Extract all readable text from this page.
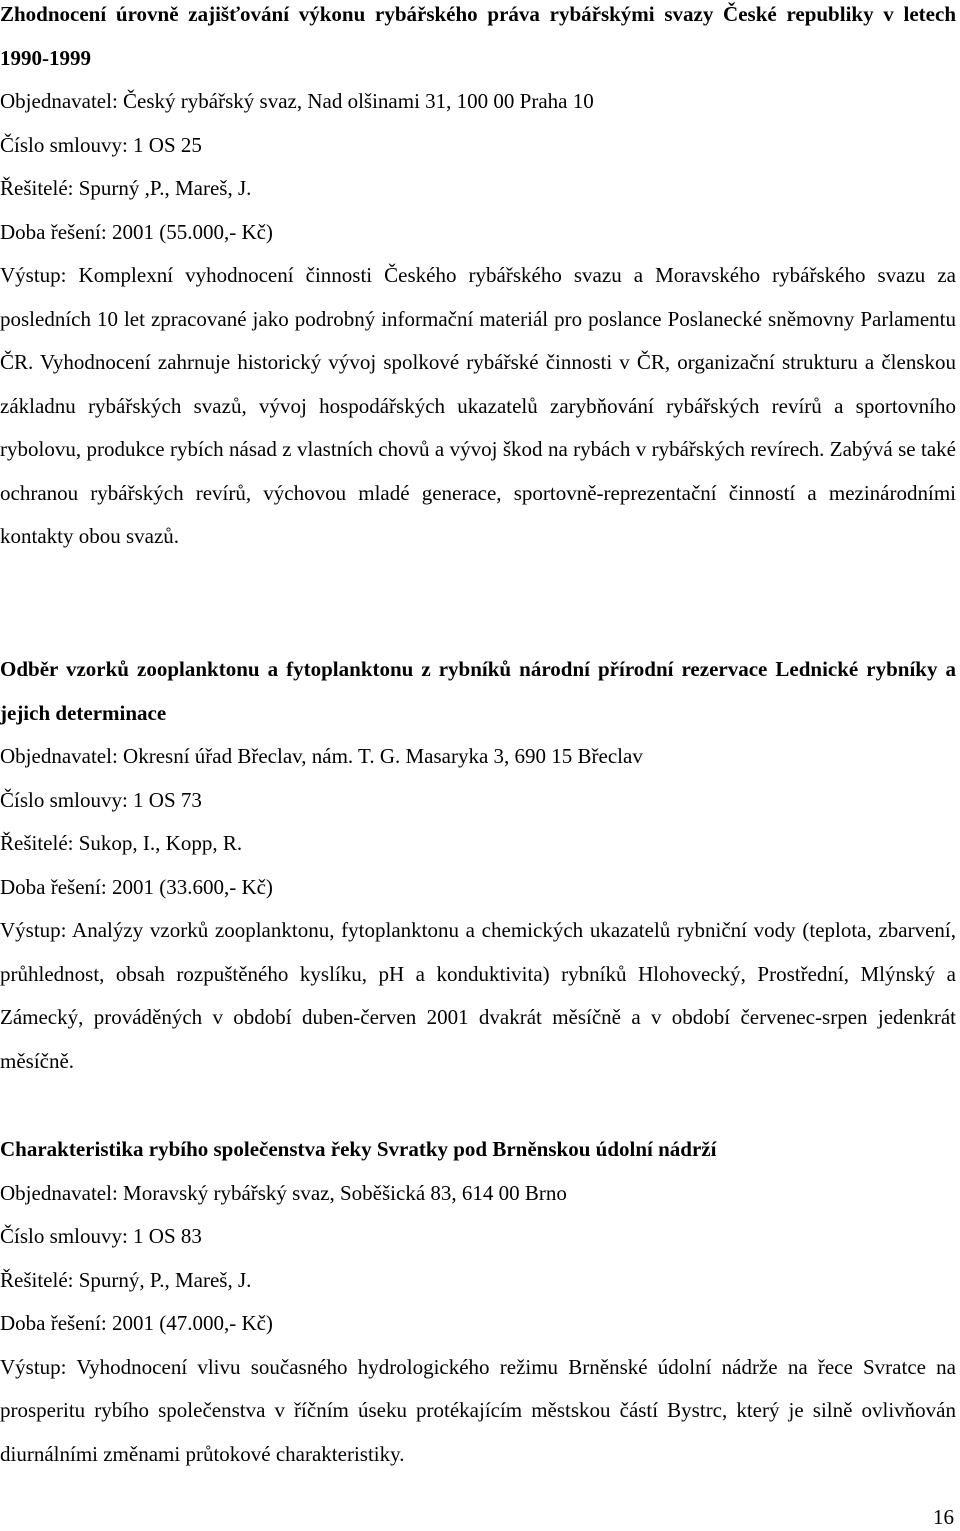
Zhodnocení úrovně zajišťování výkonu rybářského práva rybářskými svazy České republiky v letech 1990-1999

Objednavatel: Český rybářský svaz, Nad olšinami 31, 100 00 Praha 10

Číslo smlouvy: 1 OS 25

Řešitelé: Spurný ,P., Mareš, J.

Doba řešení: 2001 (55.000,- Kč)

Výstup: Komplexní vyhodnocení činnosti Českého rybářského svazu a Moravského rybářského svazu za posledních 10 let zpracované jako podrobný informační materiál pro poslance Poslanecké sněmovny Parlamentu ČR. Vyhodnocení zahrnuje historický vývoj spolkové rybářské činnosti v ČR, organizační strukturu a členskou základnu rybářských svazů, vývoj hospodářských ukazatelů zarybňování rybářských revírů a sportovního rybolovu, produkce rybích násad z vlastních chovů a vývoj škod na rybách v rybářských revírech. Zabývá se také ochranou rybářských revírů, výchovou mladé generace, sportovně-reprezentační činností a mezinárodními kontakty obou svazů.

Odběr vzorků zooplanktonu a fytoplanktonu z rybníků národní přírodní rezervace Lednické rybníky a jejich determinace

Objednavatel: Okresní úřad Břeclav, nám. T. G. Masaryka 3, 690 15 Břeclav

Číslo smlouvy: 1 OS 73

Řešitelé: Sukop, I., Kopp, R.

Doba řešení: 2001 (33.600,- Kč)

Výstup: Analýzy vzorků zooplanktonu, fytoplanktonu a chemických ukazatelů rybniční vody (teplota, zbarvení, průhlednost, obsah rozpuštěného kyslíku, pH a konduktivita) rybníků Hlohovecký, Prostřední, Mlýnský a Zámecký, prováděných v období duben-červen 2001 dvakrát měsíčně a v období červenec-srpen jedenkrát měsíčně.

Charakteristika rybího společenstva řeky Svratky pod Brněnskou údolní nádrží

Objednavatel: Moravský rybářský svaz, Soběšická 83, 614 00 Brno

Číslo smlouvy: 1 OS 83

Řešitelé: Spurný, P., Mareš, J.

Doba řešení: 2001 (47.000,- Kč)

Výstup: Vyhodnocení vlivu současného hydrologického režimu Brněnské údolní nádrže na řece Svratce na prosperitu rybího společenstva v říčním úseku protékajícím městskou částí Bystrc, který je silně ovlivňován diurnálními změnami průtokové charakteristiky.

16
